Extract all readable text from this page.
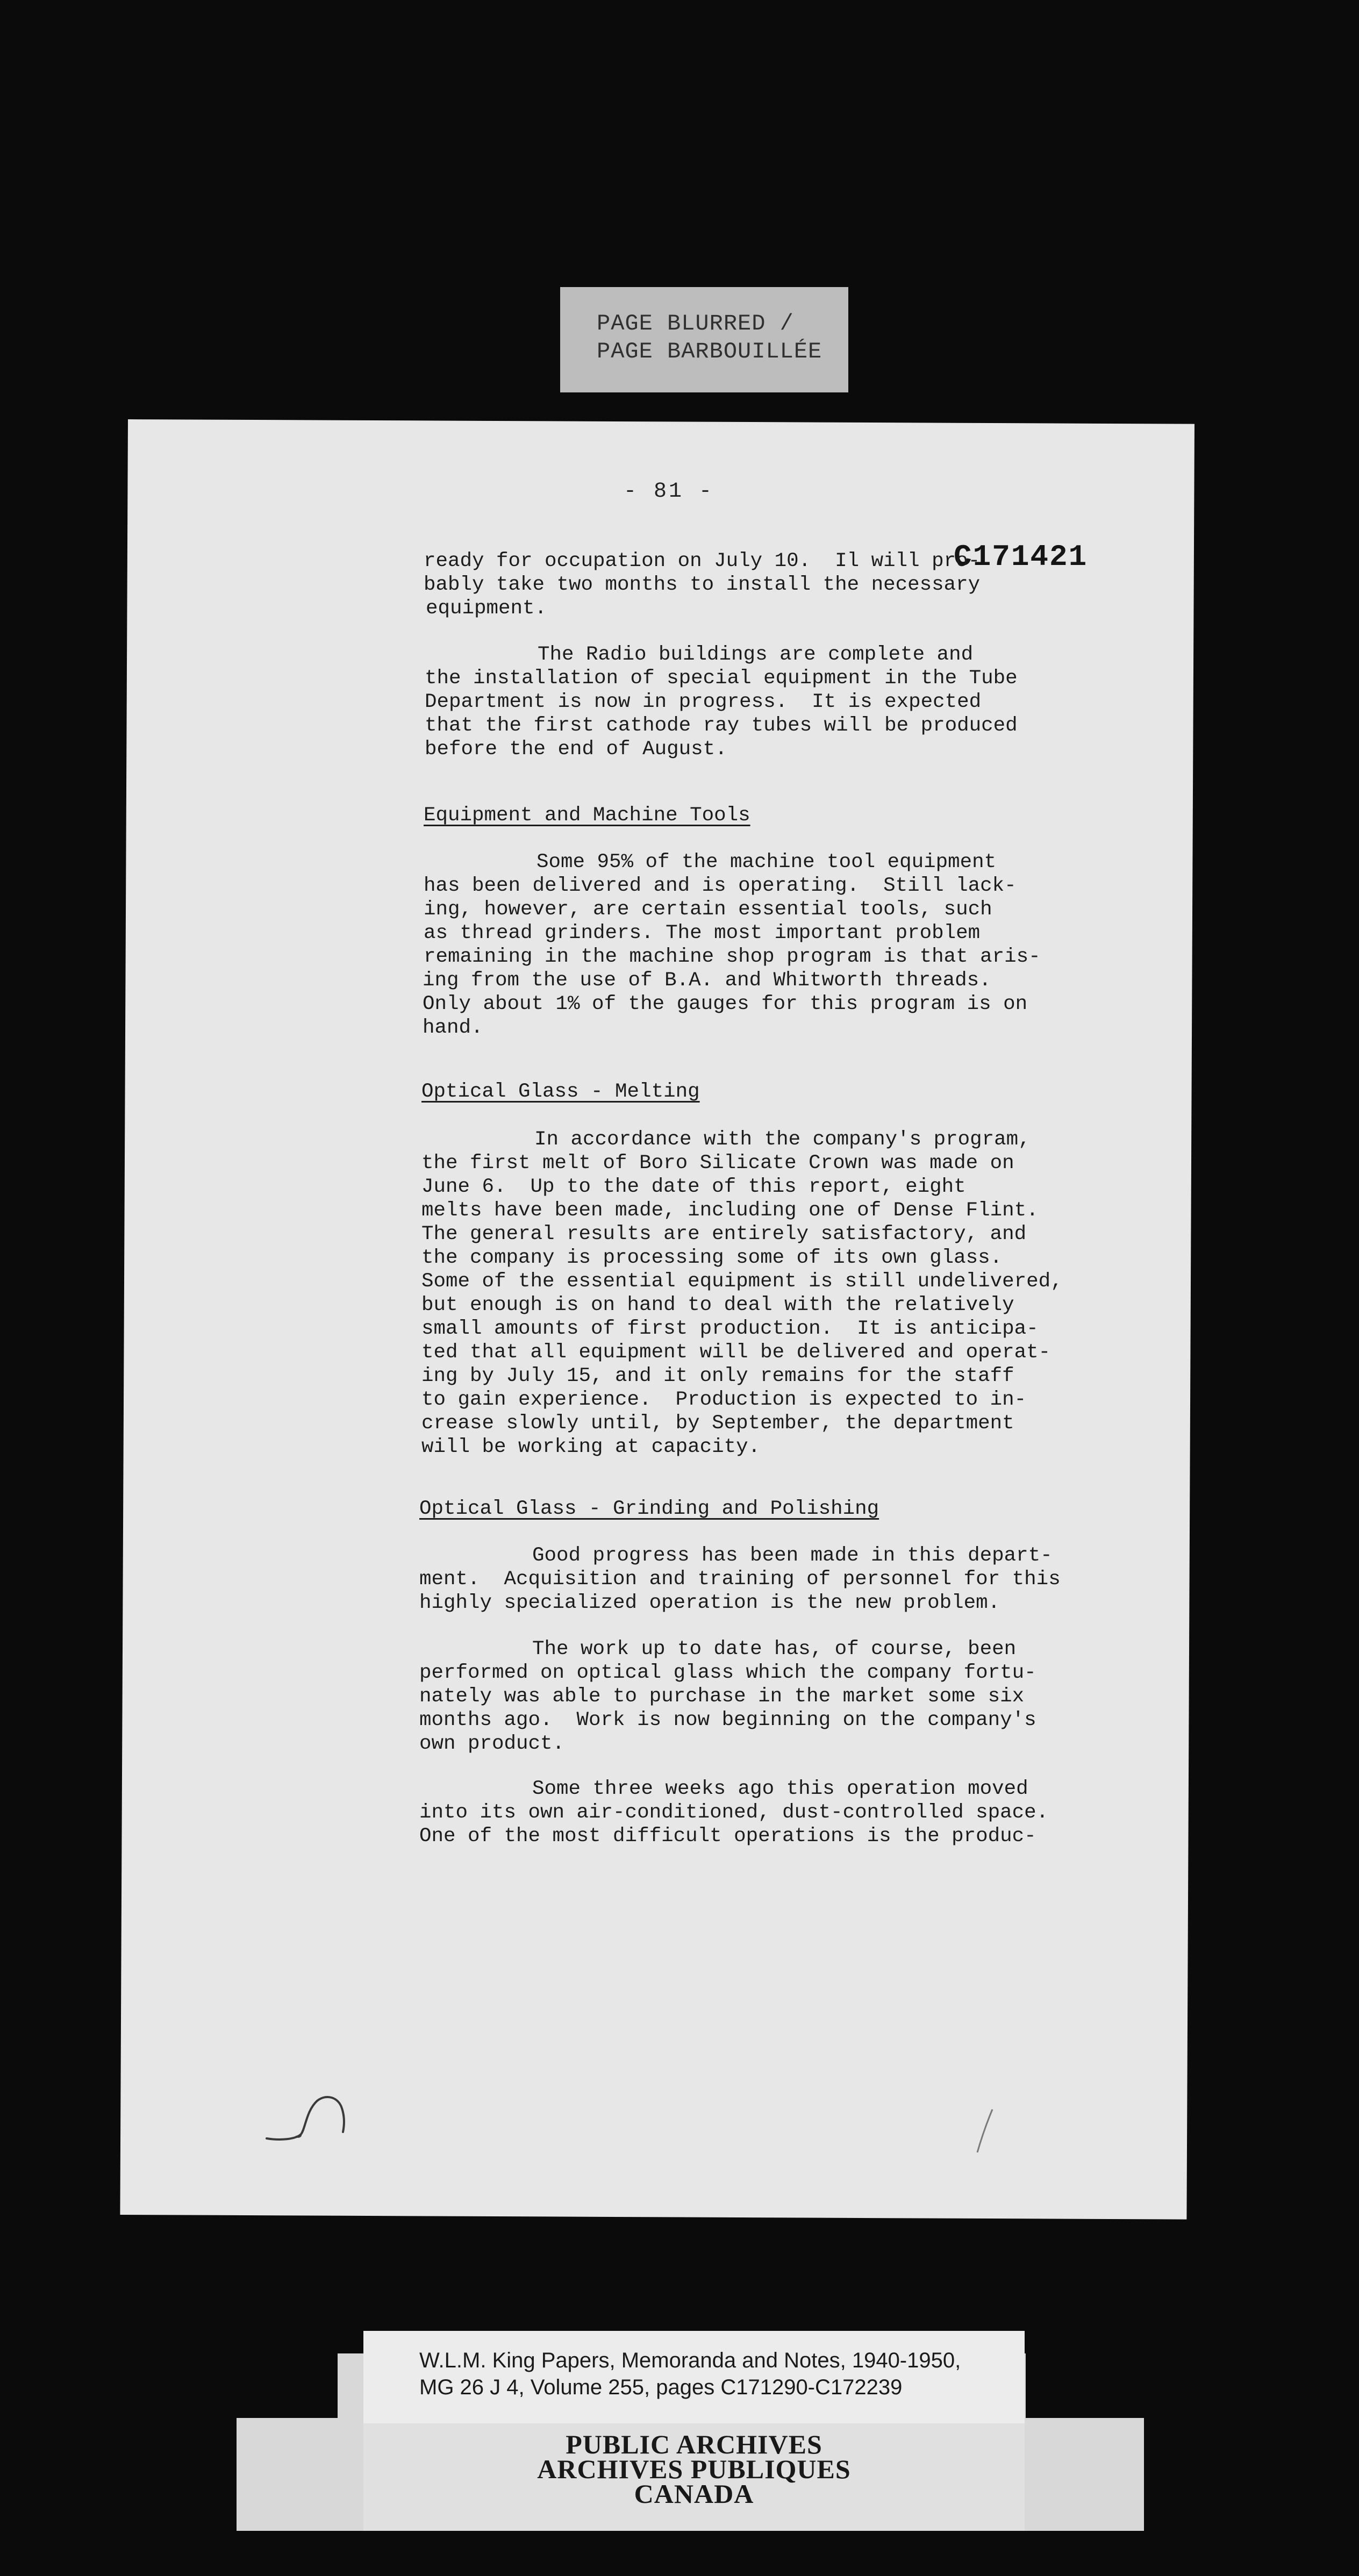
PAGE BLURRED /
PAGE BARBOUILLÉE
- 81 -
C171421
ready for occupation on July 10.  Il will pro-
bably take two months to install the necessary
equipment.
The Radio buildings are complete and
the installation of special equipment in the Tube
Department is now in progress.  It is expected
that the first cathode ray tubes will be produced
before the end of August.
Equipment and Machine Tools
Some 95% of the machine tool equipment
has been delivered and is operating.  Still lack-
ing, however, are certain essential tools, such
as thread grinders. The most important problem
remaining in the machine shop program is that aris-
ing from the use of B.A. and Whitworth threads.
Only about 1% of the gauges for this program is on
hand.
Optical Glass - Melting
In accordance with the company's program,
the first melt of Boro Silicate Crown was made on
June 6.  Up to the date of this report, eight
melts have been made, including one of Dense Flint.
The general results are entirely satisfactory, and
the company is processing some of its own glass.
Some of the essential equipment is still undelivered,
but enough is on hand to deal with the relatively
small amounts of first production.  It is anticipa-
ted that all equipment will be delivered and operat-
ing by July 15, and it only remains for the staff
to gain experience.  Production is expected to in-
crease slowly until, by September, the department
will be working at capacity.
Optical Glass - Grinding and Polishing
Good progress has been made in this depart-
ment.  Acquisition and training of personnel for this
highly specialized operation is the new problem.
The work up to date has, of course, been
performed on optical glass which the company fortu-
nately was able to purchase in the market some six
months ago.  Work is now beginning on the company's
own product.
Some three weeks ago this operation moved
into its own air-conditioned, dust-controlled space.
One of the most difficult operations is the produc-
W.L.M. King Papers, Memoranda and Notes, 1940-1950,
MG 26 J 4, Volume 255, pages C171290-C172239
PUBLIC ARCHIVES
ARCHIVES PUBLIQUES
CANADA
